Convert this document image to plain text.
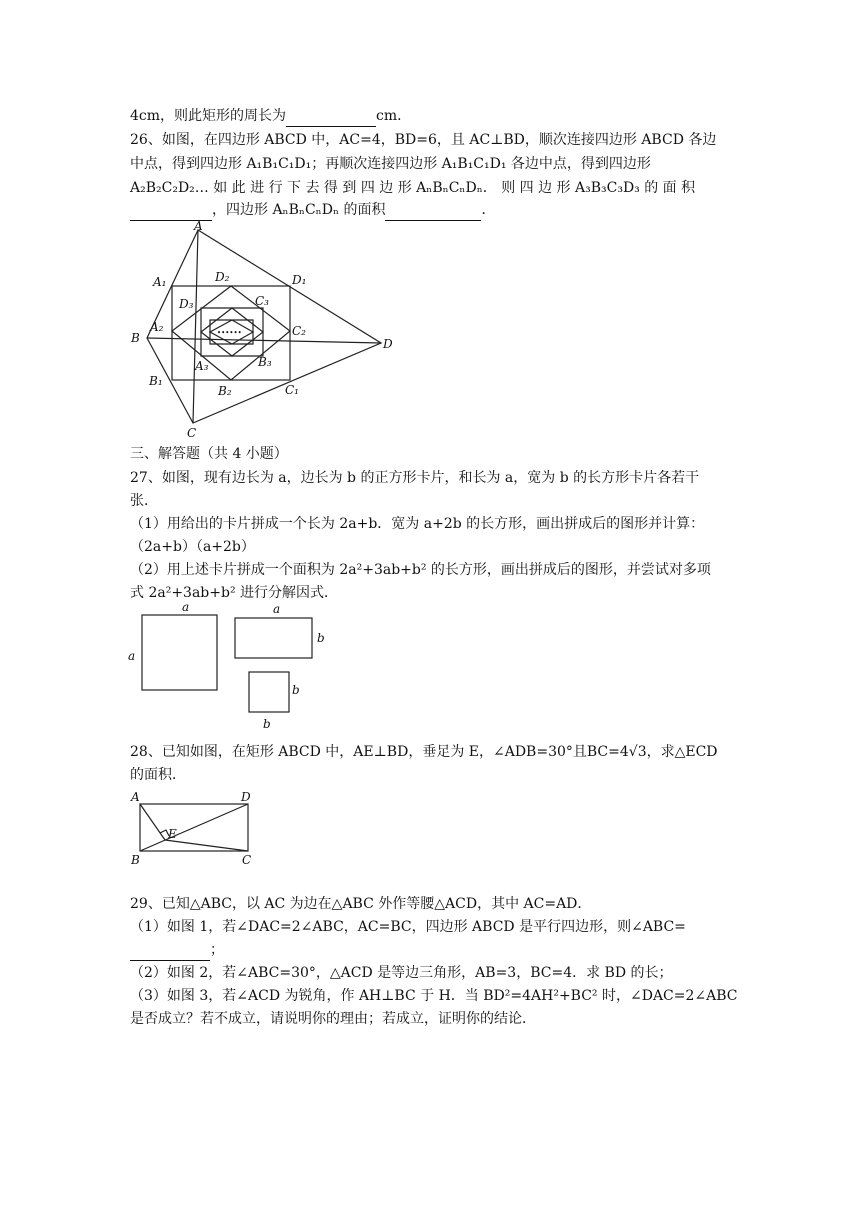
4cm，则此矩形的周长为	cm．
26、如图，在四边形 ABCD 中，AC=4，BD=6，且 AC⊥BD，顺次连接四边形 ABCD 各边
中点，得到四边形 A₁B₁C₁D₁；再顺次连接四边形 A₁B₁C₁D₁ 各边中点，得到四边形
A₂B₂C₂D₂… 如 此 进 行 下 去 得 到 四 边 形 AₙBₙCₙDₙ． 则 四 边 形 A₃B₃C₃D₃ 的 面 积
，四边形 AₙBₙCₙDₙ 的面积	．
A
B
C
D
A₁
B₁
C₁
D₁
A₂
B₂
C₂
D₂
A₃	B₃
C₃
D₃
••••••
三、解答题（共 4 小题）
27、如图，现有边长为 a，边长为 b 的正方形卡片，和长为 a，宽为 b 的长方形卡片各若干
张．
（1）用给出的卡片拼成一个长为 2a+b．宽为 a+2b 的长方形，画出拼成后的图形并计算：
（2a+b）（a+2b）
（2）用上述卡片拼成一个面积为 2a²+3ab+b² 的长方形，画出拼成后的图形，并尝试对多项
式 2a²+3ab+b² 进行分解因式．
a
a
a
b
b
b
28、已知如图，在矩形 ABCD 中，AE⊥BD，垂足为 E，∠ADB=30°且BC=4√3，求△ECD
的面积．
A
B	C
D
E
29、已知△ABC，以 AC 为边在△ABC 外作等腰△ACD，其中 AC=AD．
（1）如图 1，若∠DAC=2∠ABC，AC=BC，四边形 ABCD 是平行四边形，则∠ABC=
；
（2）如图 2，若∠ABC=30°，△ACD 是等边三角形，AB=3，BC=4．求 BD 的长；
（3）如图 3，若∠ACD 为锐角，作 AH⊥BC 于 H．当 BD²=4AH²+BC² 时，∠DAC=2∠ABC
是否成立？若不成立，请说明你的理由；若成立，证明你的结论．
